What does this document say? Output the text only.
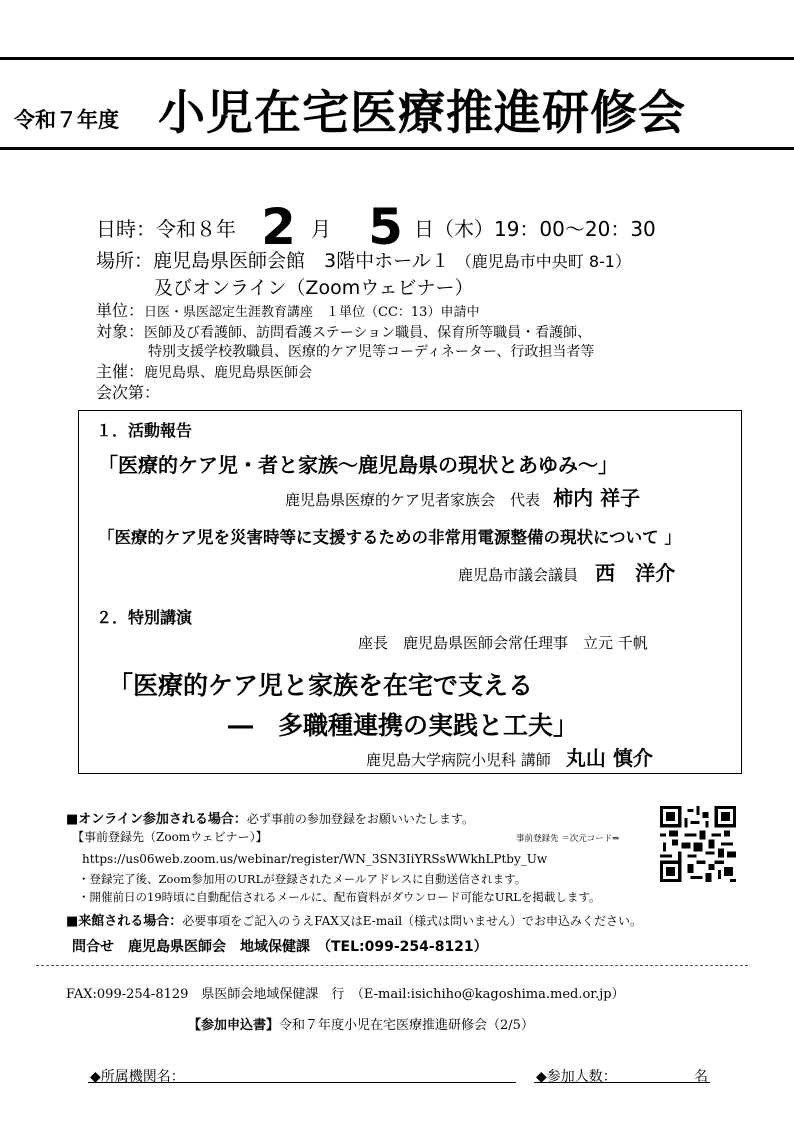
令和７年度 小児在宅医療推進研修会
日時：令和８年 2 月 5 日（木）19：00～20：30
場所：鹿児島県医師会館　3階中ホール１ （鹿児島市中央町 8-1）
及びオンライン（Zoomウェビナー）
単位：日医・県医認定生涯教育講座　１単位（CC：13）申請中
対象：医師及び看護師、訪問看護ステーション職員、保育所等職員・看護師、
特別支援学校教職員、医療的ケア児等コーディネーター、行政担当者等
主催：鹿児島県、鹿児島県医師会
会次第：
１．活動報告
「医療的ケア児・者と家族～鹿児島県の現状とあゆみ～」
鹿児島県医療的ケア児者家族会　代表 柿内 祥子
「医療的ケア児を災害時等に支援するための非常用電源整備の現状について 」
鹿児島市議会議員 西　洋介
２．特別講演
座長　鹿児島県医師会常任理事　立元 千帆
「医療的ケア児と家族を在宅で支える
―　多職種連携の実践と工夫」
鹿児島大学病院小児科 講師 丸山 慎介
■オンライン参加される場合：必ず事前の参加登録をお願いいたします。
【事前登録先（Zoomウェビナー）】	事前登録先 ＝次元コード⇒
https://us06web.zoom.us/webinar/register/WN_3SN3IiYRSsWWkhLPtby_Uw
・登録完了後、Zoom参加用のURLが登録されたメールアドレスに自動送信されます。
・開催前日の19時頃に自動配信されるメールに、配布資料がダウンロード可能なURLを掲載します。
■来館される場合：必要事項をご記入のうえFAX又はE-mail（様式は問いません）でお申込みください。
問合せ　鹿児島県医師会　地域保健課　（TEL:099-254-8121）
FAX:099-254-8129　県医師会地域保健課　行　（E-mail:isichiho@kagoshima.med.or.jp）
【参加申込書】令和７年度小児在宅医療推進研修会（2/5）
◆所属機関名：	◆参加人数：	名
